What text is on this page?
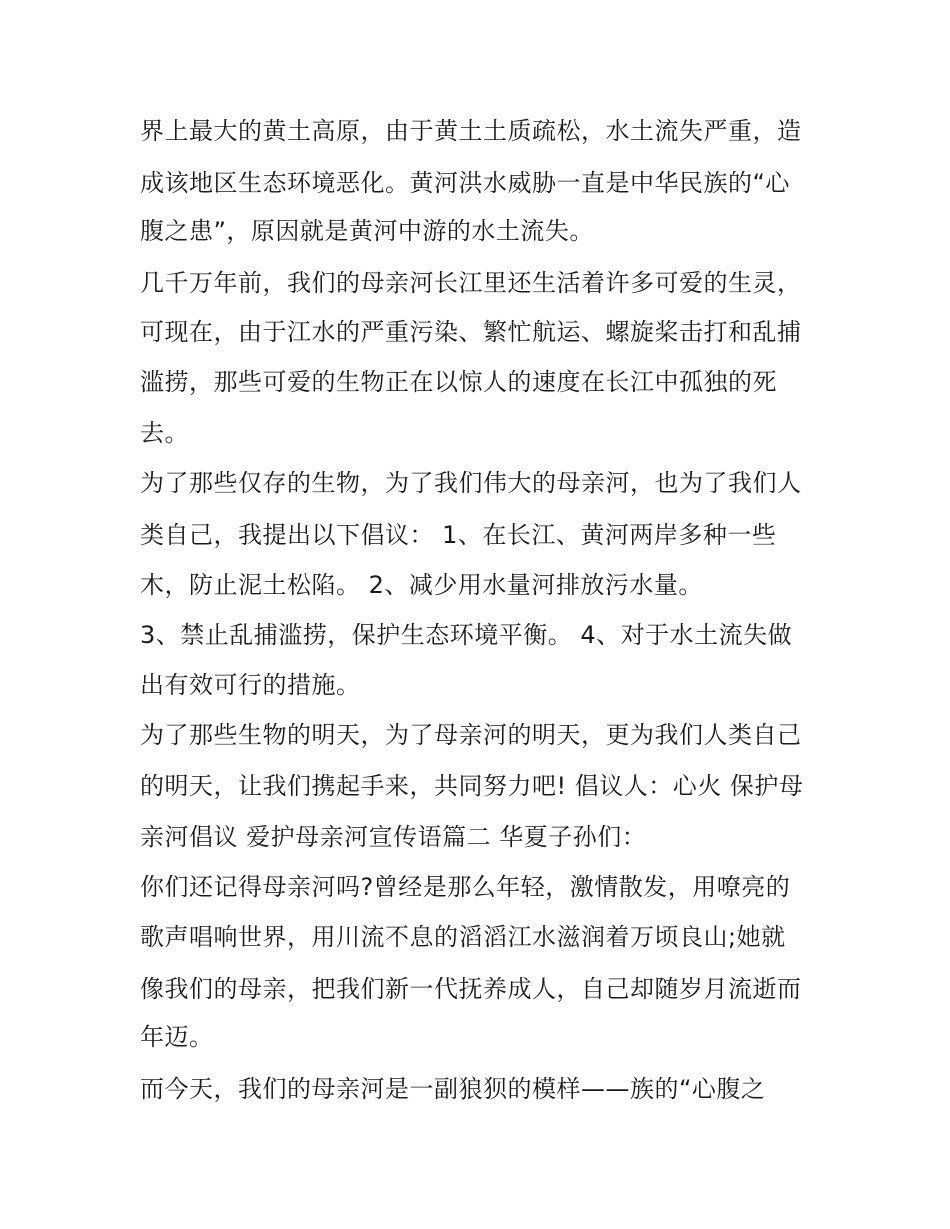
界上最大的黄土高原，由于黄土土质疏松，水土流失严重，造

成该地区生态环境恶化。黄河洪水威胁一直是中华民族的“心

腹之患”，原因就是黄河中游的水土流失。

几千万年前，我们的母亲河长江里还生活着许多可爱的生灵，

可现在，由于江水的严重污染、繁忙航运、螺旋桨击打和乱捕

滥捞，那些可爱的生物正在以惊人的速度在长江中孤独的死

去。

为了那些仅存的生物，为了我们伟大的母亲河，也为了我们人

类自己，我提出以下倡议： 1、在长江、黄河两岸多种一些

木，防止泥土松陷。 2、减少用水量河排放污水量。

3、禁止乱捕滥捞，保护生态环境平衡。 4、对于水土流失做

出有效可行的措施。

为了那些生物的明天，为了母亲河的明天，更为我们人类自己

的明天，让我们携起手来，共同努力吧! 倡议人：心火 保护母

亲河倡议 爱护母亲河宣传语篇二 华夏子孙们：

你们还记得母亲河吗?曾经是那么年轻，激情散发，用嘹亮的

歌声唱响世界，用川流不息的滔滔江水滋润着万顷良山;她就

像我们的母亲，把我们新一代抚养成人，自己却随岁月流逝而

年迈。

而今天，我们的母亲河是一副狼狈的模样——族的“心腹之
